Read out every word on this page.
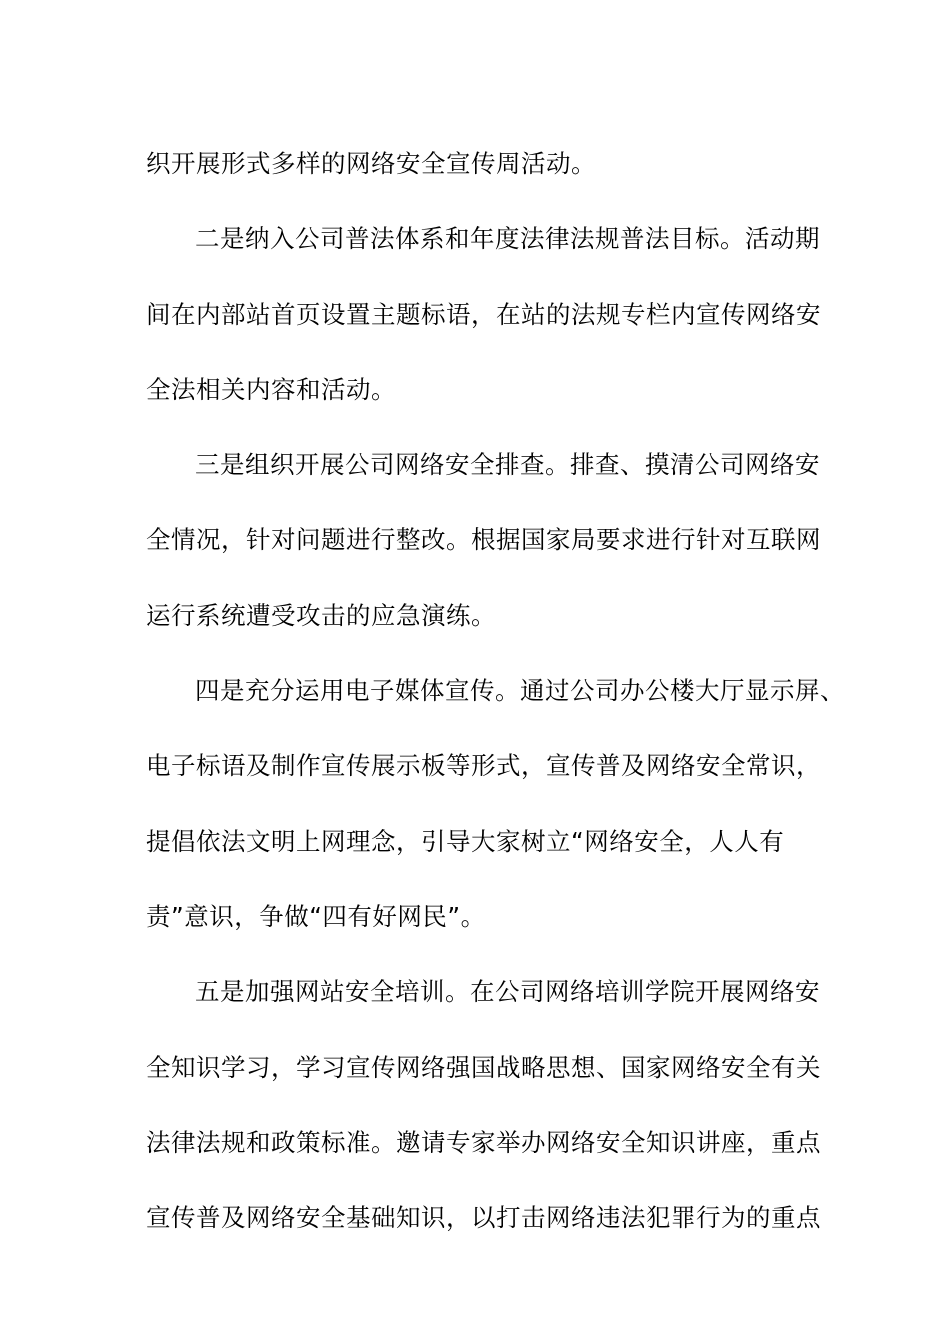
织开展形式多样的网络安全宣传周活动。
二是纳入公司普法体系和年度法律法规普法目标。活动期
间在内部站首页设置主题标语，在站的法规专栏内宣传网络安
全法相关内容和活动。
三是组织开展公司网络安全排查。排查、摸清公司网络安
全情况，针对问题进行整改。根据国家局要求进行针对互联网
运行系统遭受攻击的应急演练。
四是充分运用电子媒体宣传。通过公司办公楼大厅显示屏、
电子标语及制作宣传展示板等形式，宣传普及网络安全常识，
提倡依法文明上网理念，引导大家树立“网络安全，人人有
责”意识，争做“四有好网民”。
五是加强网站安全培训。在公司网络培训学院开展网络安
全知识学习，学习宣传网络强国战略思想、国家网络安全有关
法律法规和政策标准。邀请专家举办网络安全知识讲座，重点
宣传普及网络安全基础知识，以打击网络违法犯罪行为的重点
